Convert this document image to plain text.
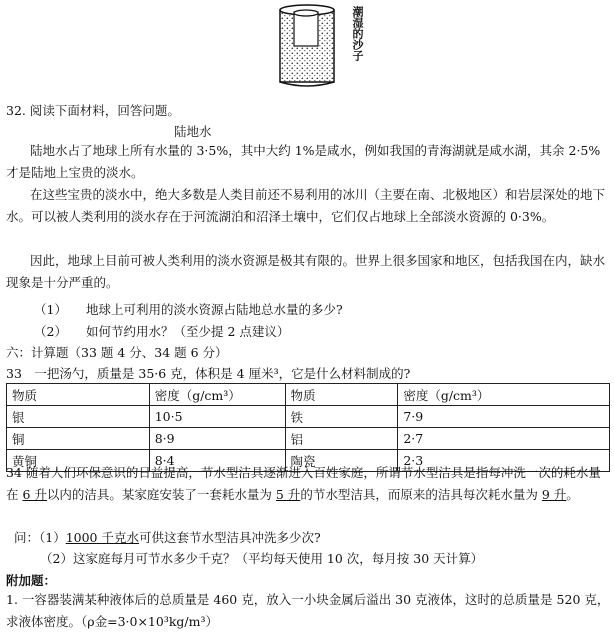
潮湿的沙子
32. 阅读下面材料，回答问题。
陆地水
陆地水占了地球上所有水量的 3·5%，其中大约 1%是咸水，例如我国的青海湖就是咸水湖，其余 2·5%才是陆地上宝贵的淡水。
在这些宝贵的淡水中，绝大多数是人类目前还不易利用的冰川（主要在南、北极地区）和岩层深处的地下水。可以被人类利用的淡水存在于河流湖泊和沼泽土壤中，它们仅占地球上全部淡水资源的 0·3%。
因此，地球上目前可被人类利用的淡水资源是极其有限的。世界上很多国家和地区，包括我国在内，缺水现象是十分严重的。
（1） 地球上可利用的淡水资源占陆地总水量的多少?
（2） 如何节约用水？（至少提 2 点建议）
六：计算题（33 题 4 分、34 题 6 分）
33　一把汤勺，质量是 35·6 克，体积是 4 厘米³，它是什么材料制成的?
物质	密度（g/cm³）	物质	密度（g/cm³）
银	10·5	铁	7·9
铜	8·9	铝	2·7
黄铜	8·4	陶瓷	2·3
34 随着人们环保意识的日益提高，节水型洁具逐渐进入百姓家庭，所谓节水型洁具是指每冲洗一次的耗水量在 6 升以内的洁具。某家庭安装了一套耗水量为 5 升的节水型洁具，而原来的洁具每次耗水量为 9 升。
问：（1）1000 千克水可供这套节水型洁具冲洗多少次?
（2）这家庭每月可节水多少千克？（平均每天使用 10 次，每月按 30 天计算）
附加题：
1. 一容器装满某种液体后的总质量是 460 克，放入一小块金属后溢出 30 克液体，这时的总质量是 520 克，求液体密度。（ρ金=3·0×10³kg/m³）
